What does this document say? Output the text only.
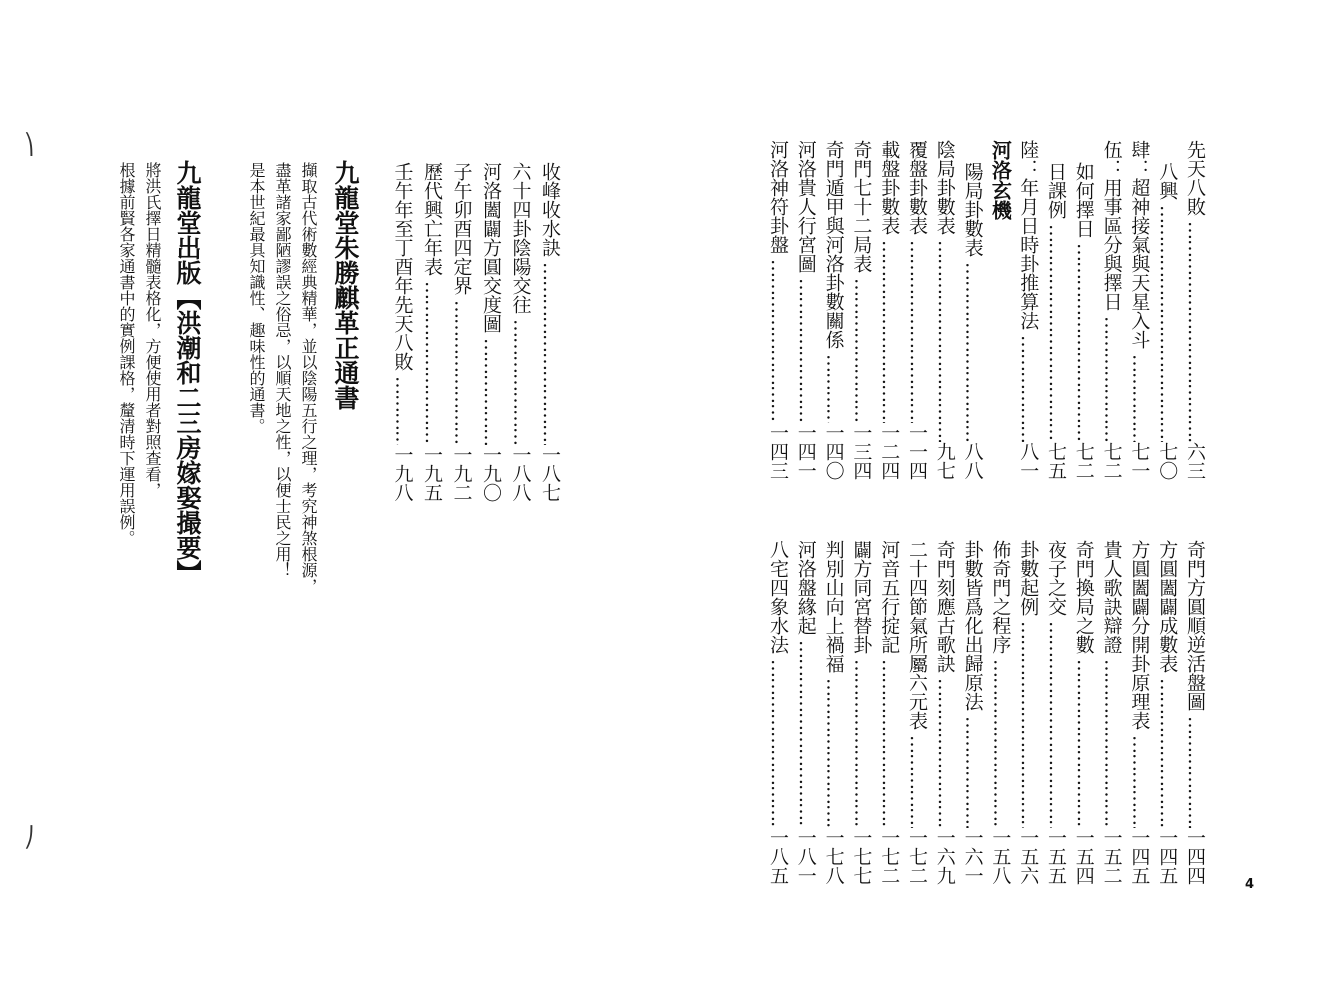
⎞
⎠
先天八敗 ……………………………………………………………………………………………………
六三
八興 ……………………………………………………………………………………………………
七〇
肆：超神接氣與天星入斗 ……………………………………………………………………………………………………
七一
伍：用事區分與擇日 ……………………………………………………………………………………………………
七二
如何擇日 ……………………………………………………………………………………………………
七二
日課例 ……………………………………………………………………………………………………
七五
陸：年月日時卦推算法 ……………………………………………………………………………………………………
八一
河洛玄機
陽局卦數表 ……………………………………………………………………………………………………
八八
陰局卦數表 ……………………………………………………………………………………………………
九七
覆盤卦數表 ……………………………………………………………………………………………………
一一四
載盤卦數表 ……………………………………………………………………………………………………
一二四
奇門七十二局表 ……………………………………………………………………………………………………
一三四
奇門遁甲與河洛卦數關係 ……………………………………………………………………………………………………
一四〇
河洛貴人行宮圖 ……………………………………………………………………………………………………
一四一
河洛神符卦盤 ……………………………………………………………………………………………………
一四三
奇門方圓順逆活盤圖 ……………………………………………………………………………………………………
一四四
方圓闔闢成數表 ……………………………………………………………………………………………………
一四五
方圓闔闢分開卦原理表 ……………………………………………………………………………………………………
一四五
貴人歌訣辯證 ……………………………………………………………………………………………………
一五二
奇門換局之數 ……………………………………………………………………………………………………
一五四
夜子之交 ……………………………………………………………………………………………………
一五五
卦數起例 ……………………………………………………………………………………………………
一五六
佈奇門之程序 ……………………………………………………………………………………………………
一五八
卦數皆爲化出歸原法 ……………………………………………………………………………………………………
一六一
奇門刻應古歌訣 ……………………………………………………………………………………………………
一六九
二十四節氣所屬六元表 ……………………………………………………………………………………………………
一七二
河音五行掟記 ……………………………………………………………………………………………………
一七二
闢方同宮替卦 ……………………………………………………………………………………………………
一七七
判別山向上禍福 ……………………………………………………………………………………………………
一七八
河洛盤緣起 ……………………………………………………………………………………………………
一八一
八宅四象水法 ……………………………………………………………………………………………………
一八五
收峰收水訣 ……………………………………………………………………………………………………
一八七
六十四卦陰陽交往 ……………………………………………………………………………………………………
一八八
河洛闔闢方圓交度圖 ……………………………………………………………………………………………………
一九〇
子午卯酉四定界 ……………………………………………………………………………………………………
一九二
歷代興亡年表 ……………………………………………………………………………………………………
一九五
壬午年至丁酉年先天八敗 ……………………………………………………………………………………………………
一九八
九龍堂朱勝麒革正通書
擷取古代術數經典精華，並以陰陽五行之理，考究神煞根源，
盡革諸家鄙陋謬誤之俗忌，以順天地之性，以便士民之用！
是本世紀最具知識性、趣味性的通書。
九龍堂出版【洪潮和二三房嫁娶撮要】
將洪氏擇日精髓表格化，方便使用者對照查看，
根據前賢各家通書中的實例課格，釐清時下運用誤例。
4
